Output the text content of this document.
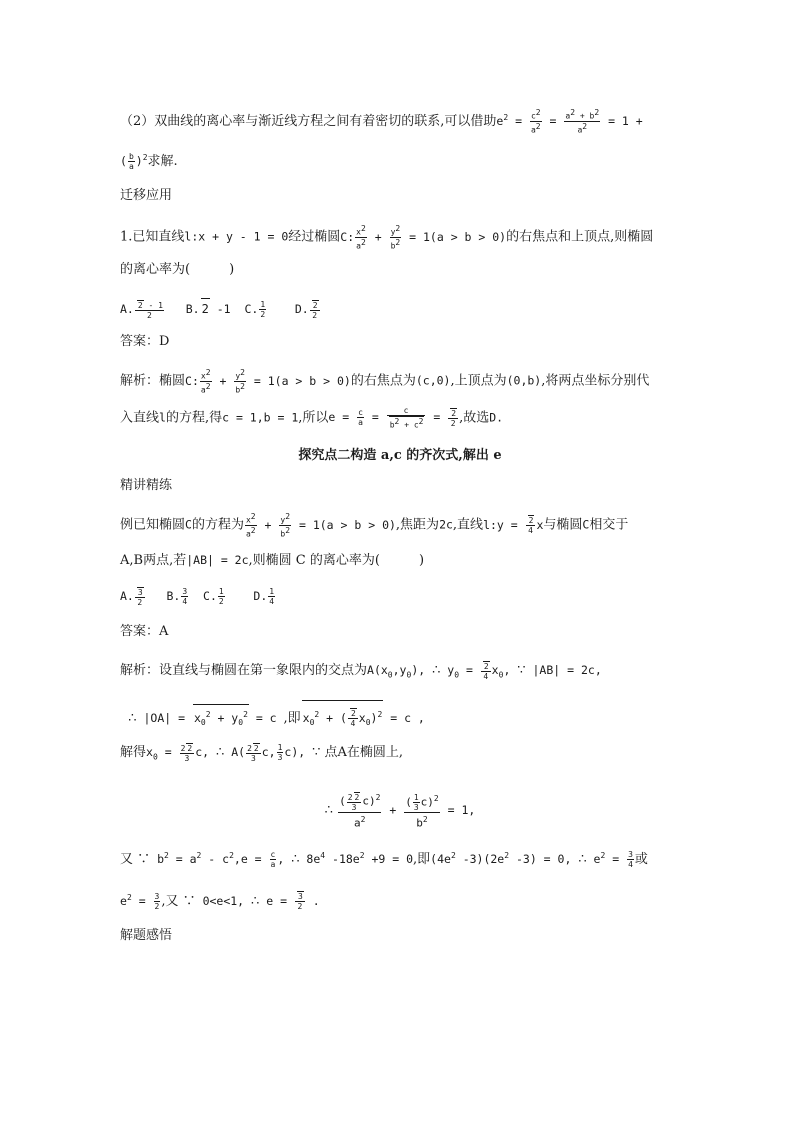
（2）双曲线的离心率与渐近线方程之间有着密切的联系,可以借助$e^2 = \frac{c^2}{a^2} = \frac{a^2 + b^2}{a^2} = 1$ +
( $\frac{b}{a} )^2$求解.
迁移应用
1.已知直线l:x + y - 1 = 0经过椭圆C: $\frac{x^2}{a^2} + \frac{y^2}{b^2} = 1(a > b > 0)$的右焦点和上顶点,则椭圆
的离心率为(　　　)
A. $\frac{2 - 1}{2} B$. 2 -1  C. $\frac{1}{2} D$. $\frac{2}{2}$
答案：D
解析：椭圆C: $\frac{x^2}{a^2} + \frac{y^2}{b^2} = 1(a > b > 0)$的右焦点为(c,0),上顶点为(0,b),将两点坐标分别代
入直线l的方程,得c = 1,b = 1,所以$e = \frac{c}{a} = \frac{c}{b^2 + c^2} = \frac{2}{2}$ ,故选D.
探究点二构造 a,c 的齐次式,解出 e
精讲精练
例已知椭圆C的方程为 $\frac{x^2}{a^2} + \frac{y^2}{b^2} = 1(a > b > 0)$,焦距为2c,直线l:y = $\frac{2}{4}$ x与椭圆C相交于
A,B两点,若|AB| = 2c,则椭圆 C 的离心率为(　　　)
A. $\frac{3}{2} B$. $\frac{3}{4} C$. $\frac{1}{2} D$. $\frac{1}{4}$
答案：A
解析：设直线与椭圆在第一象限内的交点为$A(x_0,y_0)$, ∴ $y_0 = \frac{2}{4} x_0$, ∵ |AB| = 2c,
∴ $|OA| = x_0^2 + y_0^2 = c$ ,即 $x_0^2$ + ( $\frac{2}{4} x_0)^2 = c$ ,
解得$x_0 = \frac{2 2}{3} c$, ∴ $A( \frac{2 2}{3} c$, $\frac{1}{3} c$), ∵ 点A在椭圆上,
∴ $\frac{( \frac{2 2}{3} c)^2}{a^2} + \frac{( \frac{1}{3} c)^2}{b^2} = 1$,
又 ∵ $b^2 = a^2 - c^2,e = \frac{c}{a}$ , ∴ $8e^4$ $-18e^2 +9 = 0$,即($4e^2$ $-3)(2e^2$ -3) = 0, ∴ $e^2 = \frac{3}{4}$ 或
$e^2 = \frac{3}{2}$ ,又 ∵ 0<e<1, ∴ $e = \frac{3}{2}$ .
解题感悟
